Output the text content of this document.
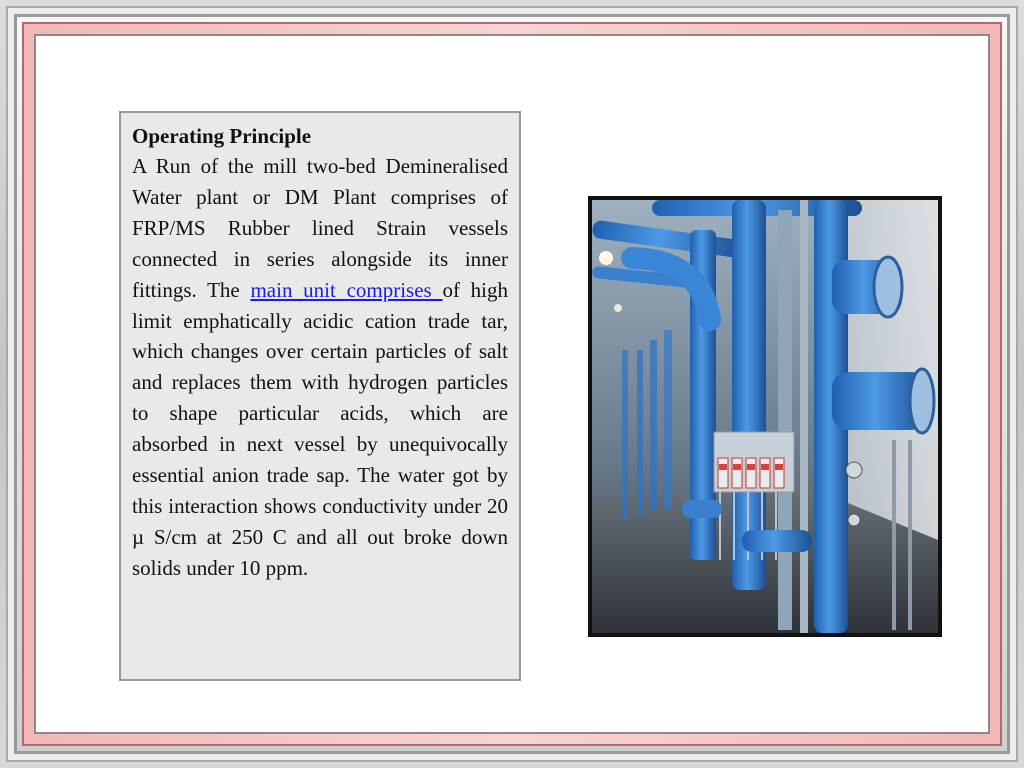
Operating Principle

A Run of the mill two-bed Demineralised Water plant or DM Plant comprises of FRP/MS Rubber lined Strain vessels connected in series alongside its inner fittings. The main unit comprises of high limit emphatically acidic cation trade tar, which changes over certain particles of salt and replaces them with hydrogen particles to shape particular acids, which are absorbed in next vessel by unequivocally essential anion trade sap. The water got by this interaction shows conductivity under 20 µ S/cm at 250 C and all out broke down solids under 10 ppm.
